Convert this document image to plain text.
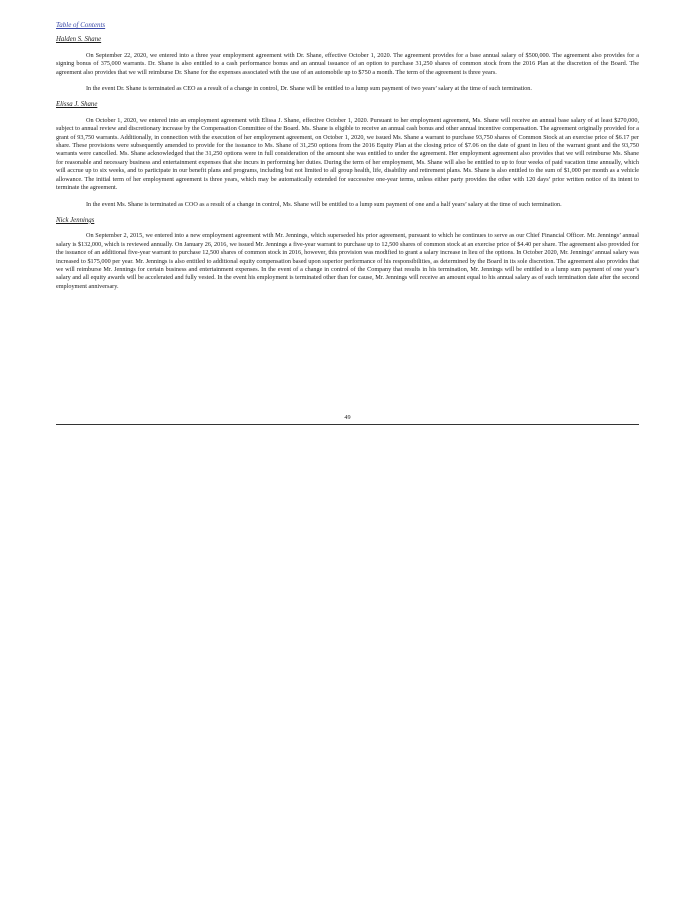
Table of Contents
Halden S. Shane

On September 22, 2020, we entered into a three year employment agreement with Dr. Shane, effective October 1, 2020. The agreement provides for a base annual salary of $500,000. The agreement also provides for a signing bonus of 375,000 warrants. Dr. Shane is also entitled to a cash performance bonus and an annual issuance of an option to purchase 31,250 shares of common stock from the 2016 Plan at the discretion of the Board. The agreement also provides that we will reimburse Dr. Shane for the expenses associated with the use of an automobile up to $750 a month. The term of the agreement is three years.

In the event Dr. Shane is terminated as CEO as a result of a change in control, Dr. Shane will be entitled to a lump sum payment of two years’ salary at the time of such termination.

Elissa J. Shane

On October 1, 2020, we entered into an employment agreement with Elissa J. Shane, effective October 1, 2020. Pursuant to her employment agreement, Ms. Shane will receive an annual base salary of at least $270,000, subject to annual review and discretionary increase by the Compensation Committee of the Board. Ms. Shane is eligible to receive an annual cash bonus and other annual incentive compensation. The agreement originally provided for a grant of 93,750 warrants. Additionally, in connection with the execution of her employment agreement, on October 1, 2020, we issued Ms. Shane a warrant to purchase 93,750 shares of Common Stock at an exercise price of $6.17 per share. These provisions were subsequently amended to provide for the issuance to Ms. Shane of 31,250 options from the 2016 Equity Plan at the closing price of $7.06 on the date of grant in lieu of the warrant grant and the 93,750 warrants were cancelled. Ms. Shane acknowledged that the 31,250 options were in full consideration of the amount she was entitled to under the agreement. Her employment agreement also provides that we will reimburse Ms. Shane for reasonable and necessary business and entertainment expenses that she incurs in performing her duties. During the term of her employment, Ms. Shane will also be entitled to up to four weeks of paid vacation time annually, which will accrue up to six weeks, and to participate in our benefit plans and programs, including but not limited to all group health, life, disability and retirement plans. Ms. Shane is also entitled to the sum of $1,000 per month as a vehicle allowance. The initial term of her employment agreement is three years, which may be automatically extended for successive one-year terms, unless either party provides the other with 120 days’ prior written notice of its intent to terminate the agreement.

In the event Ms. Shane is terminated as COO as a result of a change in control, Ms. Shane will be entitled to a lump sum payment of one and a half years’ salary at the time of such termination.

Nick Jennings

On September 2, 2015, we entered into a new employment agreement with Mr. Jennings, which superseded his prior agreement, pursuant to which he continues to serve as our Chief Financial Officer. Mr. Jennings’ annual salary is $132,000, which is reviewed annually. On January 26, 2016, we issued Mr. Jennings a five-year warrant to purchase up to 12,500 shares of common stock at an exercise price of $4.40 per share. The agreement also provided for the issuance of an additional five-year warrant to purchase 12,500 shares of common stock in 2016, however, this provision was modified to grant a salary increase in lieu of the options. In October 2020, Mr. Jennings’ annual salary was increased to $175,000 per year. Mr. Jennings is also entitled to additional equity compensation based upon superior performance of his responsibilities, as determined by the Board in its sole discretion. The agreement also provides that we will reimburse Mr. Jennings for certain business and entertainment expenses. In the event of a change in control of the Company that results in his termination, Mr. Jennings will be entitled to a lump sum payment of one year’s salary and all equity awards will be accelerated and fully vested. In the event his employment is terminated other than for cause, Mr. Jennings will receive an amount equal to his annual salary as of such termination date after the second employment anniversary.

49
